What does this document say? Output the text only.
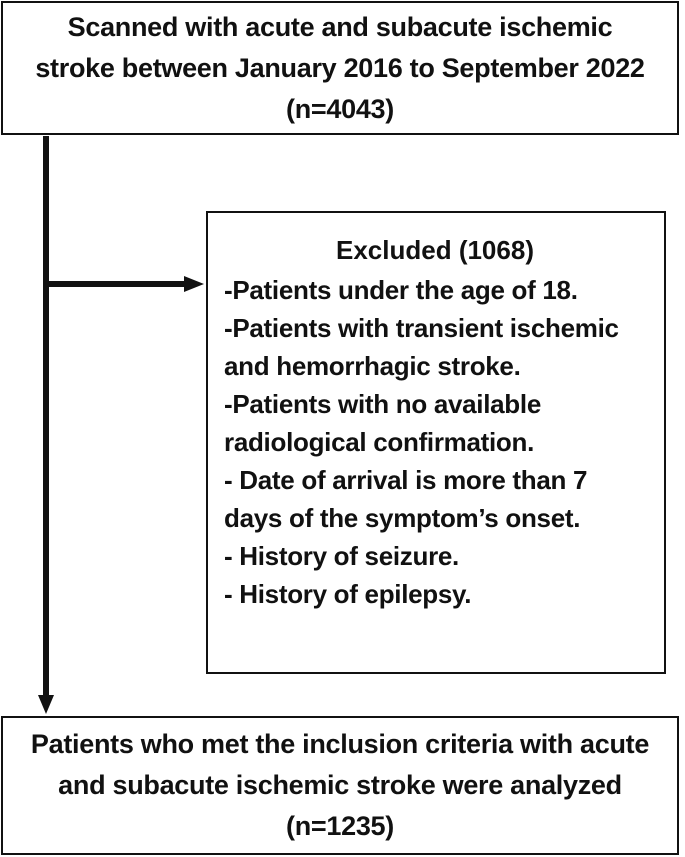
Scanned with acute and subacute ischemic stroke between January 2016 to September 2022 (n=4043)
Excluded (1068)
-Patients under the age of 18.
-Patients with transient ischemic and hemorrhagic stroke.
-Patients with no available radiological confirmation.
- Date of arrival is more than 7 days of the symptom’s onset.
- History of seizure.
- History of epilepsy.
Patients who met the inclusion criteria with acute and subacute ischemic stroke were analyzed (n=1235)
